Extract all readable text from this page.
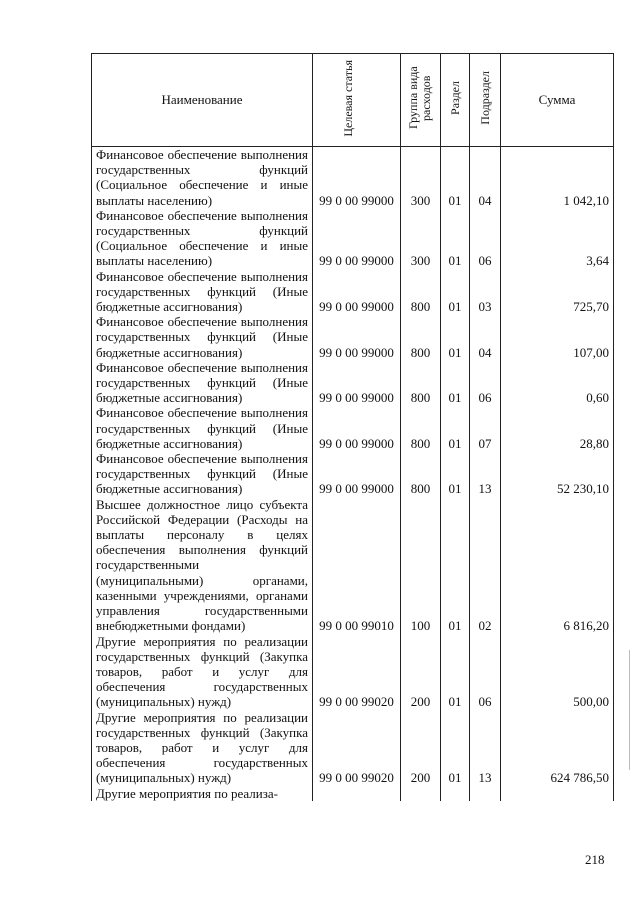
Наименование	Целевая статья	Группа вида расходов	Раздел	Подраздел	Сумма
Финансовое обеспечение выполнения государственных функций (Социальное обеспечение и иные выплаты населению)	99 0 00 99000	300	01	04	1 042,10
Финансовое обеспечение выполнения государственных функций (Социальное обеспечение и иные выплаты населению)	99 0 00 99000	300	01	06	3,64
Финансовое обеспечение выполнения государственных функций (Иные бюджетные ассигнования)	99 0 00 99000	800	01	03	725,70
Финансовое обеспечение выполнения государственных функций (Иные бюджетные ассигнования)	99 0 00 99000	800	01	04	107,00
Финансовое обеспечение выполнения государственных функций (Иные бюджетные ассигнования)	99 0 00 99000	800	01	06	0,60
Финансовое обеспечение выполнения государственных функций (Иные бюджетные ассигнования)	99 0 00 99000	800	01	07	28,80
Финансовое обеспечение выполнения государственных функций (Иные бюджетные ассигнования)	99 0 00 99000	800	01	13	52 230,10
Высшее должностное лицо субъекта Российской Федерации (Расходы на выплаты персоналу в целях обеспечения выполнения функций государственными (муниципальными) органами, казенными учреждениями, органами управления государственными внебюджетными фондами)	99 0 00 99010	100	01	02	6 816,20
Другие мероприятия по реализации государственных функций (Закупка товаров, работ и услуг для обеспечения государственных (муниципальных) нужд)	99 0 00 99020	200	01	06	500,00
Другие мероприятия по реализации государственных функций (Закупка товаров, работ и услуг для обеспечения государственных (муниципальных) нужд)	99 0 00 99020	200	01	13	624 786,50
Другие мероприятия по реализа-					
218
